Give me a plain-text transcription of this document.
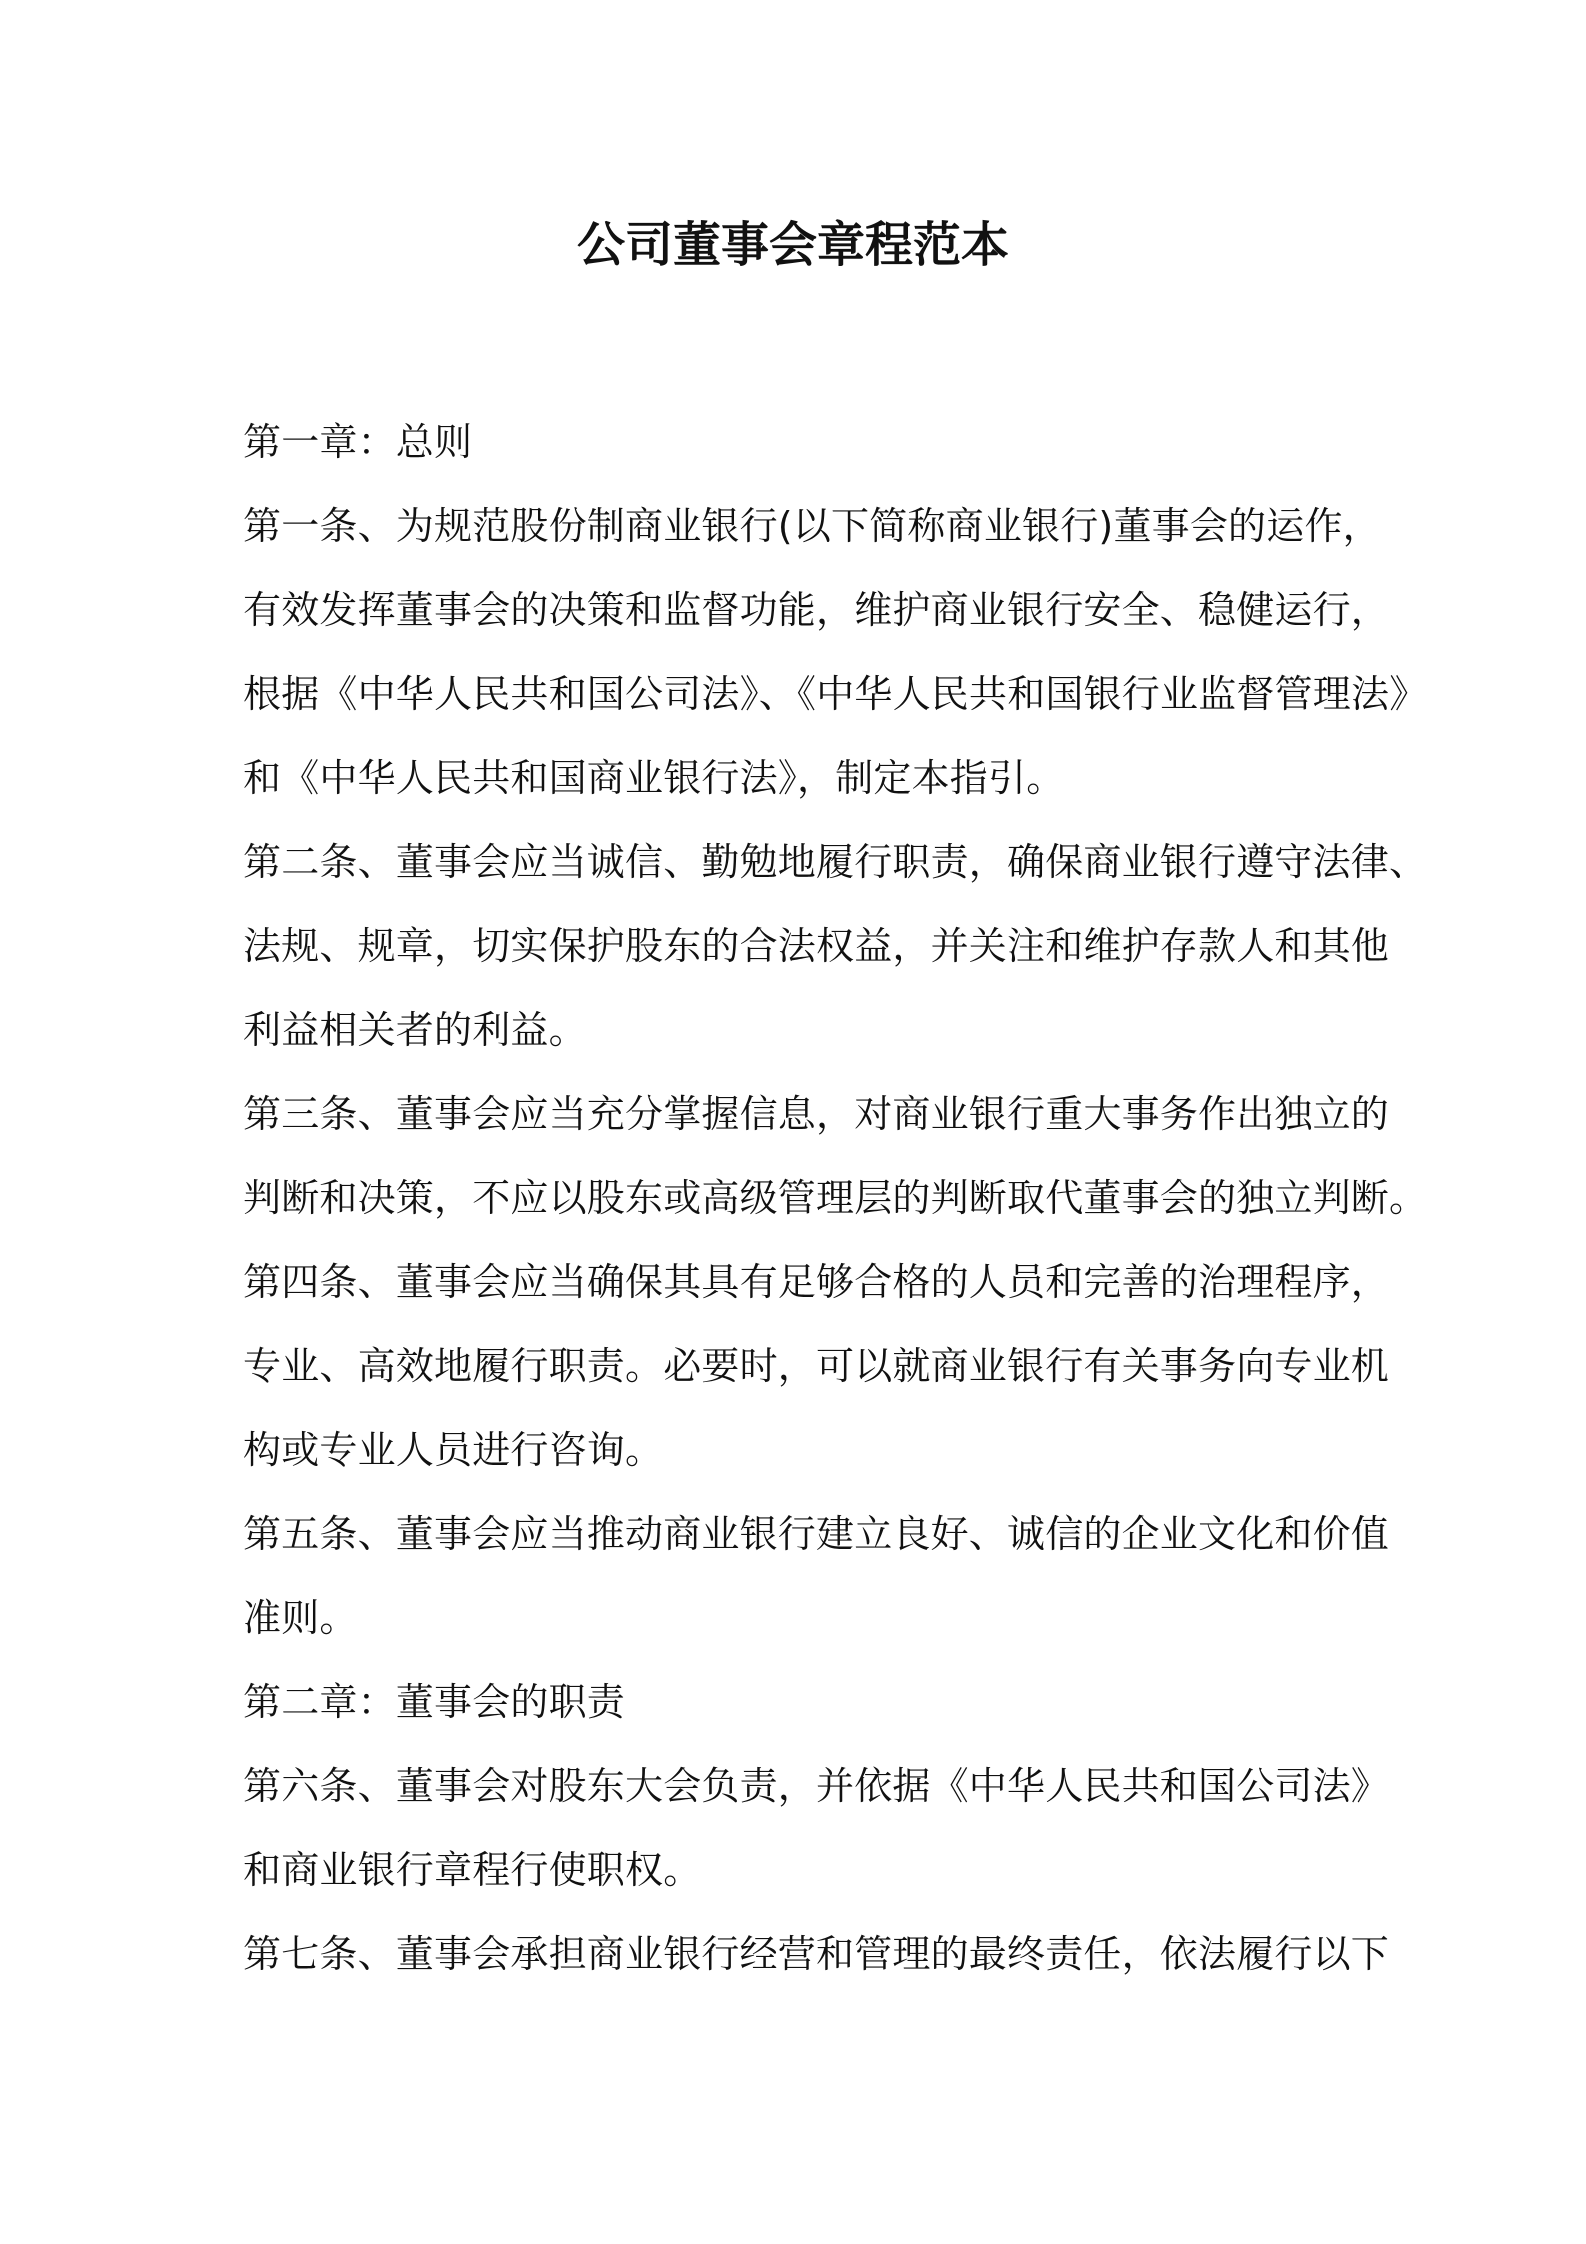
公司董事会章程范本
第一章：总则
第一条、为规范股份制商业银行(以下简称商业银行)董事会的运作，
有效发挥董事会的决策和监督功能，维护商业银行安全、稳健运行，
根据《中华人民共和国公司法》、《中华人民共和国银行业监督管理法》
和《中华人民共和国商业银行法》，制定本指引。
第二条、董事会应当诚信、勤勉地履行职责，确保商业银行遵守法律、
法规、规章，切实保护股东的合法权益，并关注和维护存款人和其他
利益相关者的利益。
第三条、董事会应当充分掌握信息，对商业银行重大事务作出独立的
判断和决策，不应以股东或高级管理层的判断取代董事会的独立判断。
第四条、董事会应当确保其具有足够合格的人员和完善的治理程序，
专业、高效地履行职责。必要时，可以就商业银行有关事务向专业机
构或专业人员进行咨询。
第五条、董事会应当推动商业银行建立良好、诚信的企业文化和价值
准则。
第二章：董事会的职责
第六条、董事会对股东大会负责，并依据《中华人民共和国公司法》
和商业银行章程行使职权。
第七条、董事会承担商业银行经营和管理的最终责任，依法履行以下
